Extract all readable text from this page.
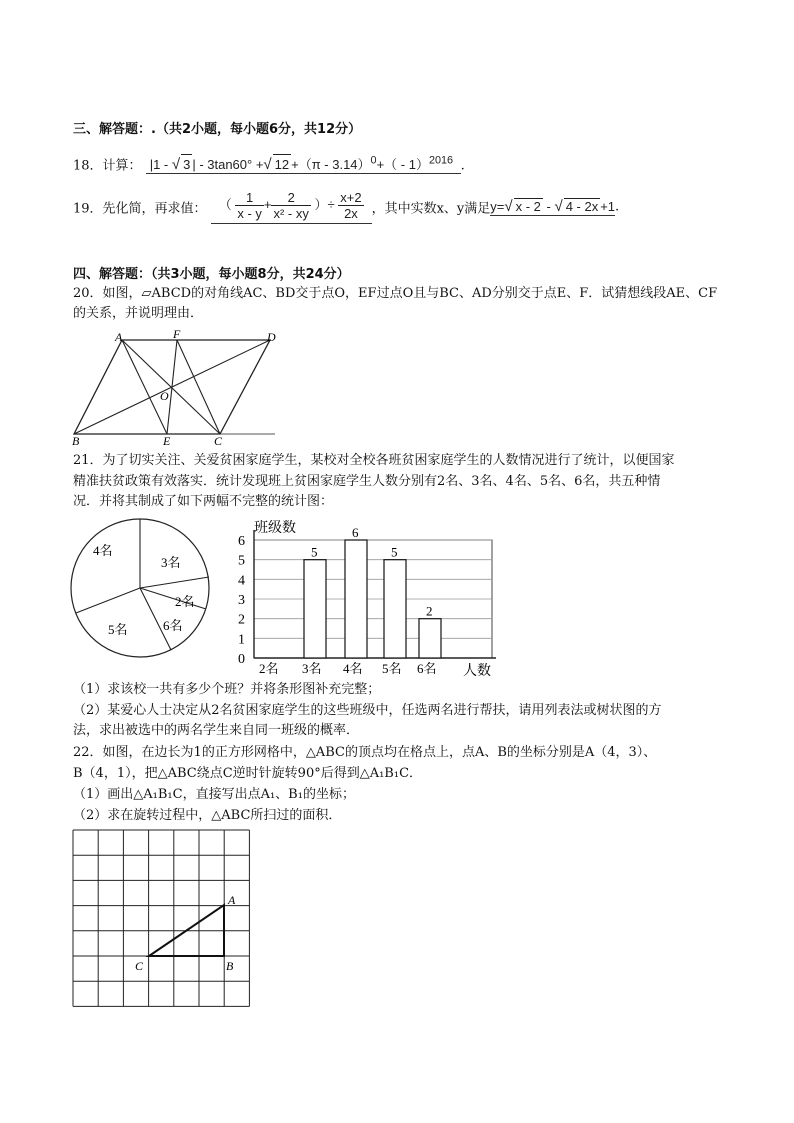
三、解答题：.（共2小题，每小题6分，共12分）
18．计算： |1 - √ 3 | - 3tan60° +√ 12 +（π - 3.14）$^0$+（ - 1）$^{2016}$ .
19．先化简，再求值： （ $\frac{1}{x - y} + \frac{2}{\text{x² - xy}}$ ）÷ $\frac{x+2}{2x}$ ，其中实数x、y满足y=√ x - 2 - √ 4 - 2x +1.
四、解答题：（共3小题，每小题8分，共24分）
20．如图，▱ABCD的对角线AC、BD交于点O，EF过点O且与BC、AD分别交于点E、F．试猜想线段AE、CF
的关系，并说明理由．
A	F	D
O
B	E	C
21．为了切实关注、关爱贫困家庭学生，某校对全校各班贫困家庭学生的人数情况进行了统计，以便国家
精准扶贫政策有效落实．统计发现班上贫困家庭学生人数分别有2名、3名、4名、5名、6名，共五种情
况．并将其制成了如下两幅不完整的统计图：
4名
3名
2名
6名
5名
班级数
人数
0
1
2
3
4
5
6
2名
5
3名
6
4名
5
5名
2
6名
（1）求该校一共有多少个班？并将条形图补充完整；
（2）某爱心人士决定从2名贫困家庭学生的这些班级中，任选两名进行帮扶，请用列表法或树状图的方
法，求出被选中的两名学生来自同一班级的概率．
22．如图，在边长为1的正方形网格中，△ABC的顶点均在格点上，点A、B的坐标分别是A（4，3）、
B（4，1），把△ABC绕点C逆时针旋转90°后得到△A₁B₁C．
（1）画出△A₁B₁C，直接写出点A₁、B₁的坐标；
（2）求在旋转过程中，△ABC所扫过的面积．
A
B
C
